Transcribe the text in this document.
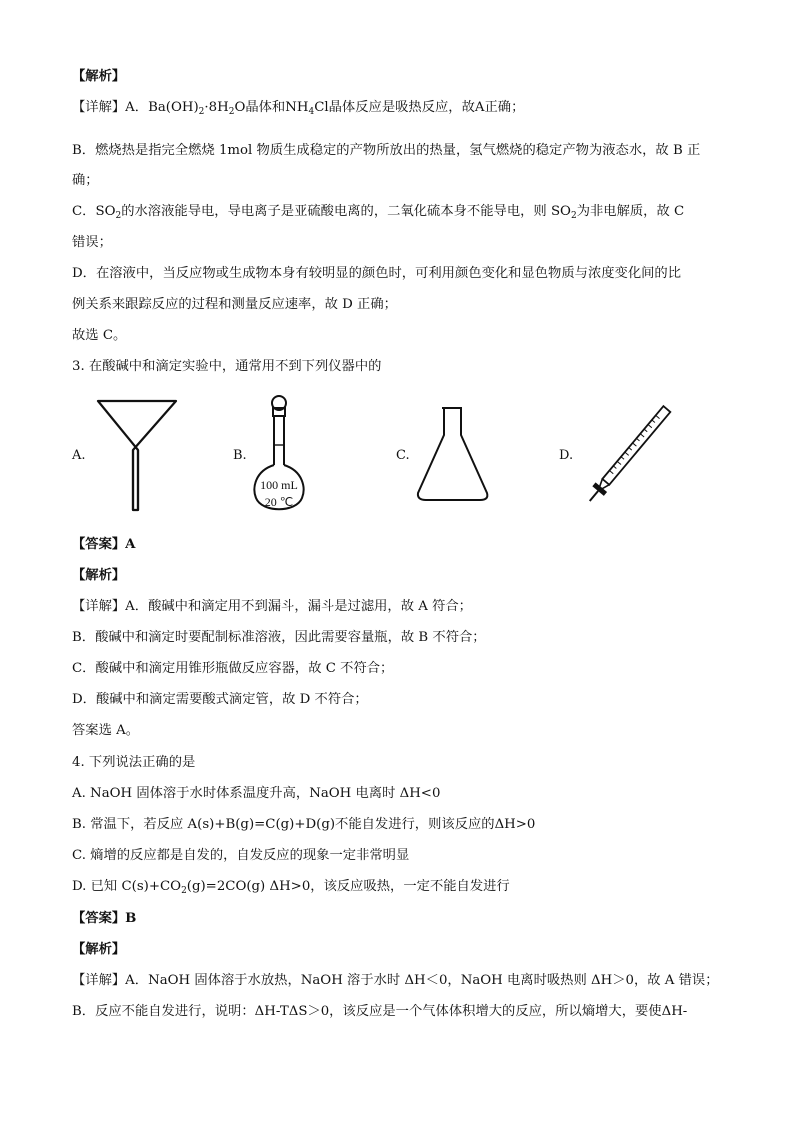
【解析】
【详解】A．$Ba(OH)_2\cdot 8H_2O$晶体和$NH_4Cl$晶体反应是吸热反应，故A正确；
B．燃烧热是指完全燃烧 1mol 物质生成稳定的产物所放出的热量，氢气燃烧的稳定产物为液态水，故 B 正
确；
C．$SO_2$的水溶液能导电，导电离子是亚硫酸电离的，二氧化硫本身不能导电，则 $SO_2$为非电解质，故 C
错误；
D．在溶液中，当反应物或生成物本身有较明显的颜色时，可利用颜色变化和显色物质与浓度变化间的比
例关系来跟踪反应的过程和测量反应速率，故 D 正确；
故选 C。
3. 在酸碱中和滴定实验中，通常用不到下列仪器中的
A.	B.
100 mL
20 ℃
C.	D.
【答案】A
【解析】
【详解】A．酸碱中和滴定用不到漏斗，漏斗是过滤用，故 A 符合；
B．酸碱中和滴定时要配制标准溶液，因此需要容量瓶，故 B 不符合；
C．酸碱中和滴定用锥形瓶做反应容器，故 C 不符合；
D．酸碱中和滴定需要酸式滴定管，故 D 不符合；
答案选 A。
4. 下列说法正确的是
A. NaOH 固体溶于水时体系温度升高，NaOH 电离时 ΔH<0
B. 常温下，若反应 A(s)+B(g)=C(g)+D(g)不能自发进行，则该反应的ΔH>0
C. 熵增的反应都是自发的，自发反应的现象一定非常明显
D. 已知 $C(s)+CO_2(g)=2CO(g)$ ΔH>0，该反应吸热，一定不能自发进行
【答案】B
【解析】
【详解】A．NaOH 固体溶于水放热，NaOH 溶于水时 ΔH＜0，NaOH 电离时吸热则 ΔH＞0，故 A 错误；
B．反应不能自发进行，说明：ΔH-TΔS＞0，该反应是一个气体体积增大的反应，所以熵增大，要使ΔH-
